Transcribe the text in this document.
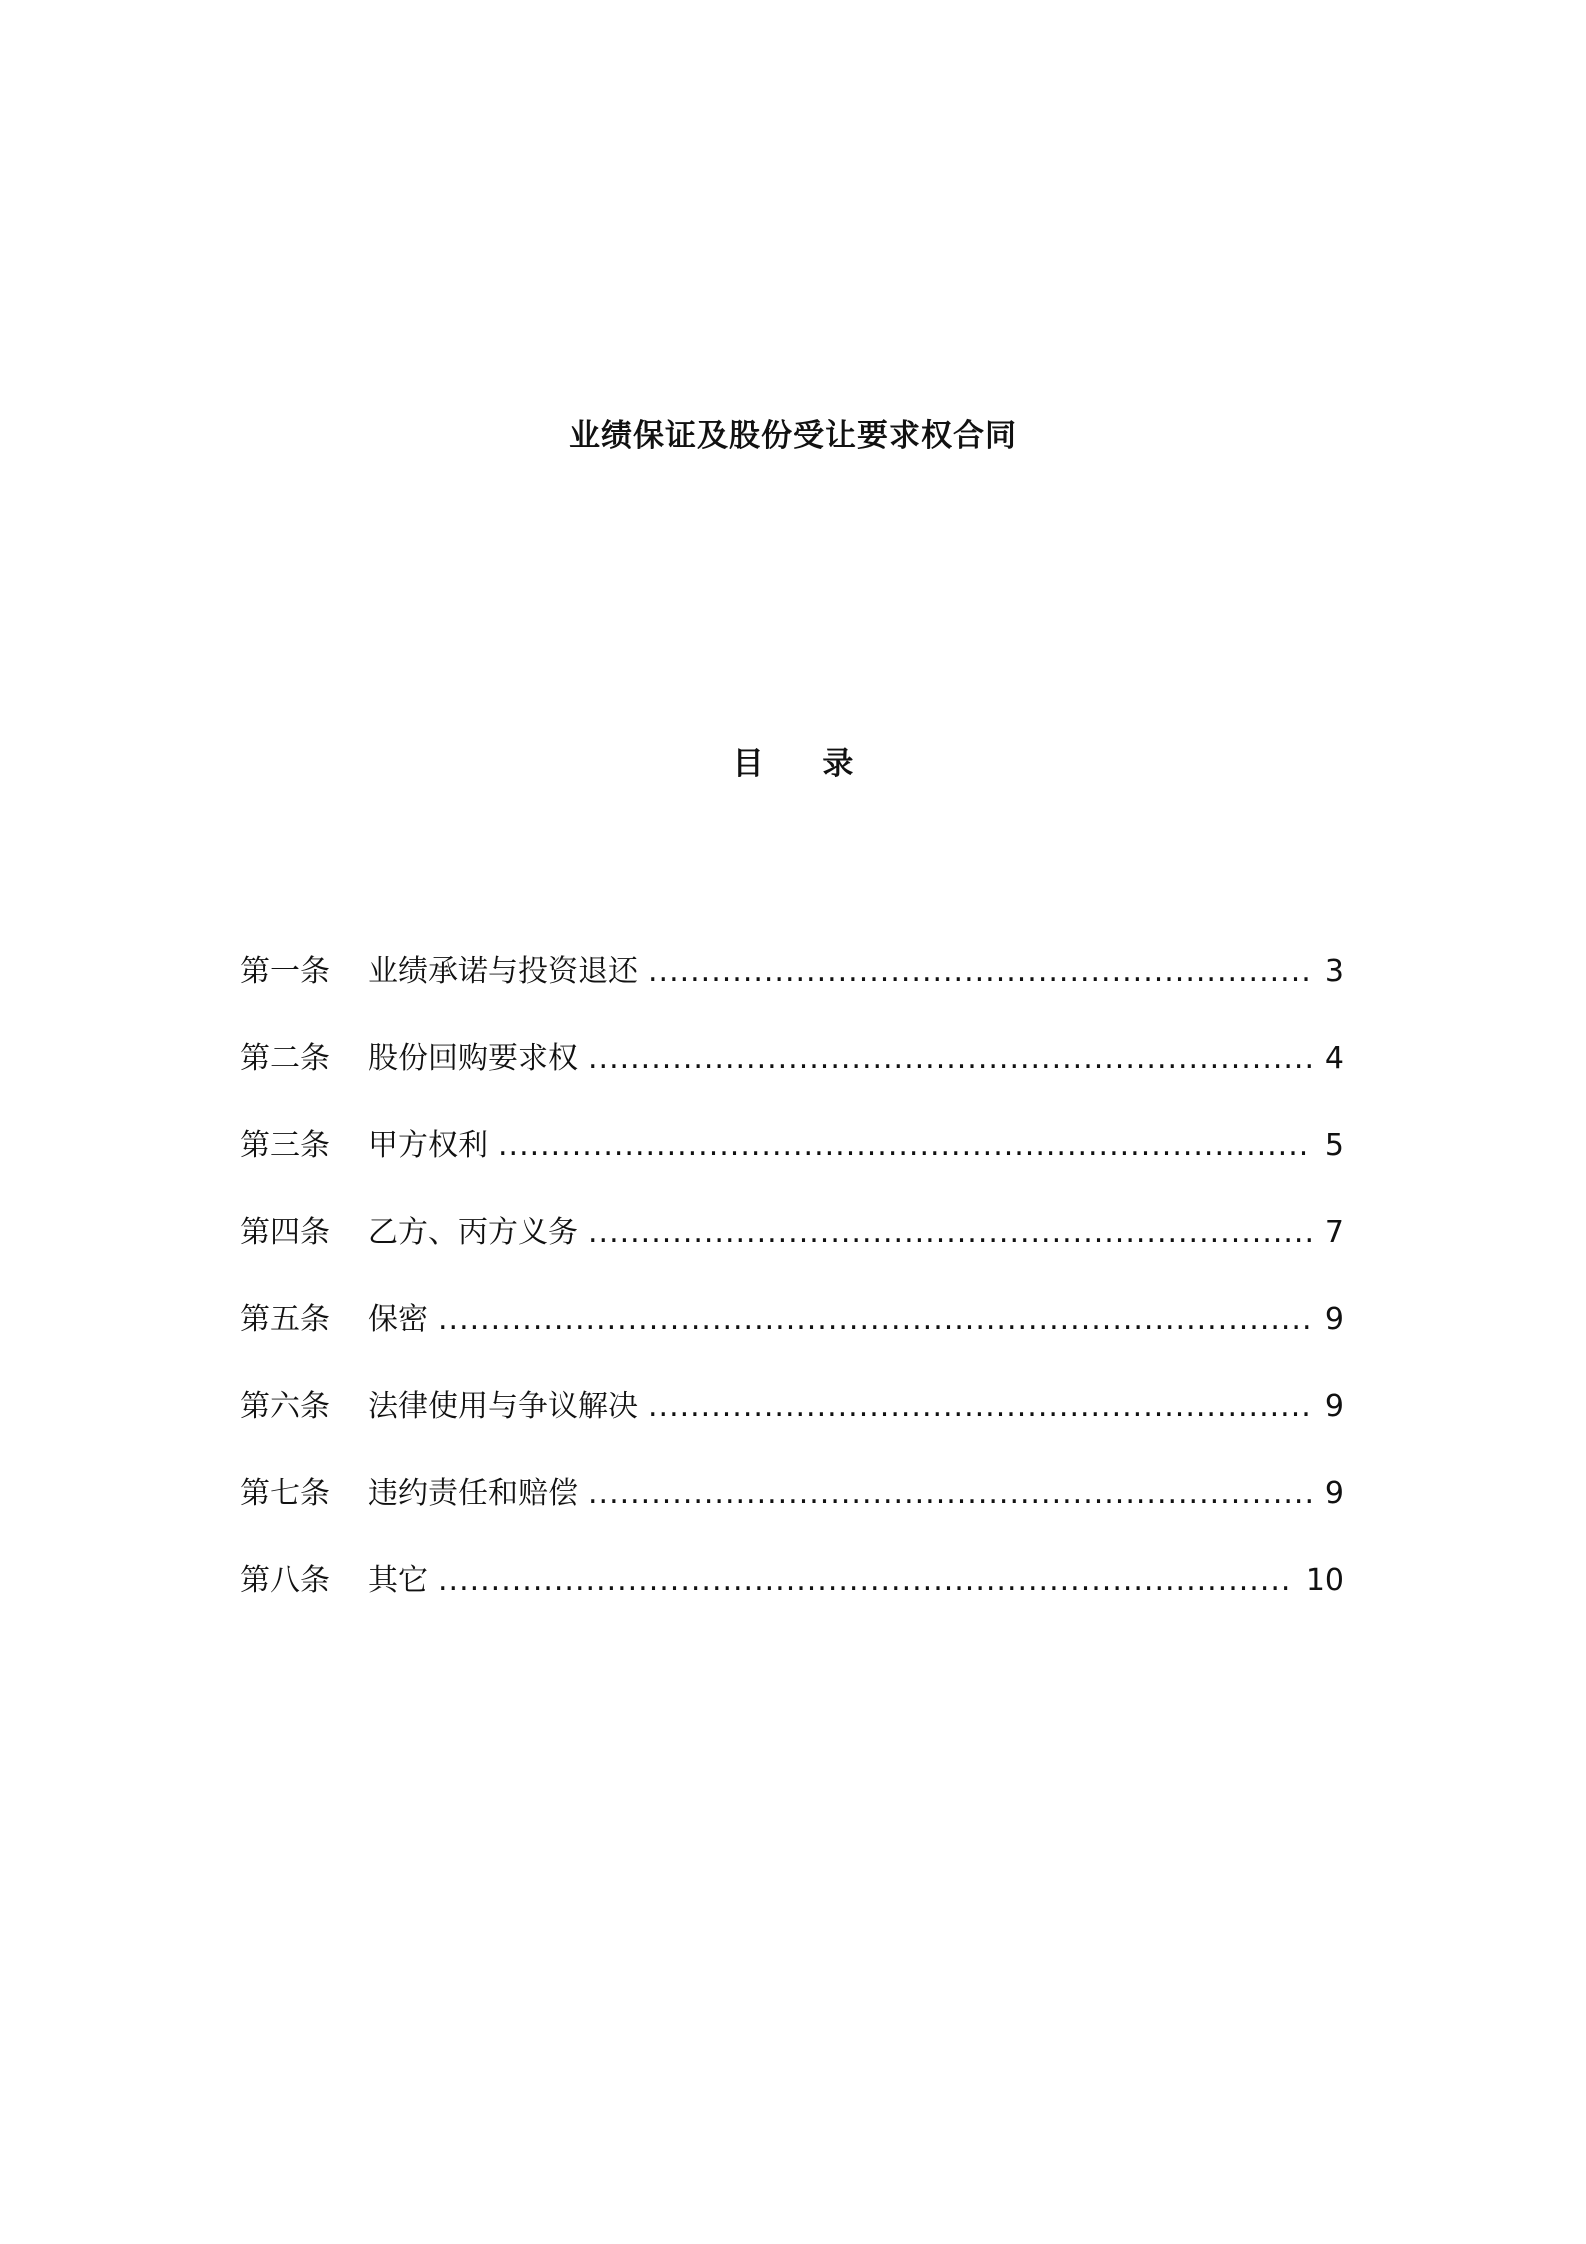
业绩保证及股份受让要求权合同
目 录
第一条	业绩承诺与投资退还 .....	3
第二条	股份回购要求权 .....	4
第三条	甲方权利 .....	5
第四条	乙方、丙方义务 .....	7
第五条	保密 .....	9
第六条	法律使用与争议解决 .....	9
第七条	违约责任和赔偿 .....	9
第八条	其它 .....	10
